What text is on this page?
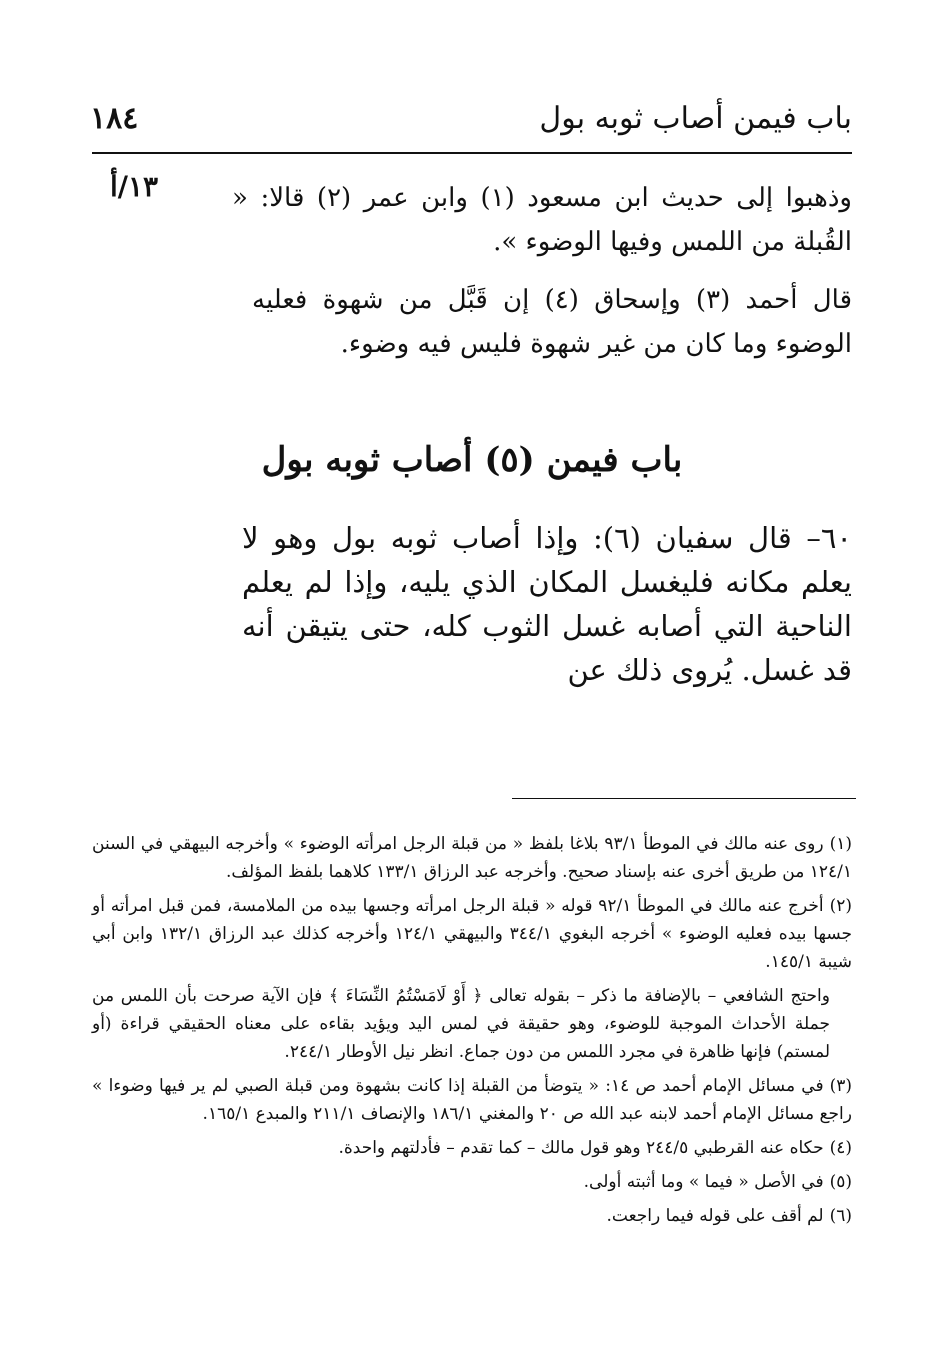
باب فيمن أصاب ثوبه بول
١٨٤
١٣/أ	وذهبوا إلى حديث ابن مسعود (١) وابن عمر (٢) قالا: « القُبلة من اللمس وفيها الوضوء ».
قال أحمد (٣) وإسحاق (٤) إن قَبَّل من شهوة فعليه الوضوء وما كان من غير شهوة فليس فيه وضوء.
باب فيمن (٥) أصاب ثوبه بول
٦٠– قال سفيان (٦): وإذا أصاب ثوبه بول وهو لا يعلم مكانه فليغسل المكان الذي يليه، وإذا لم يعلم الناحية التي أصابه غسل الثوب كله، حتى يتيقن أنه قد غسل. يُروى ذلك عن
(١)روى عنه مالك في الموطأ ٩٣/١ بلاغا بلفظ « من قبلة الرجل امرأته الوضوء » وأخرجه البيهقي في السنن ١٢٤/١ من طريق أخرى عنه بإسناد صحيح. وأخرجه عبد الرزاق ١٣٣/١ كلاهما بلفظ المؤلف.
(٢)أخرج عنه مالك في الموطأ ٩٢/١ قوله « قبلة الرجل امرأته وجسها بيده من الملامسة، فمن قبل امرأته أو جسها بيده فعليه الوضوء » أخرجه البغوي ٣٤٤/١ والبيهقي ١٢٤/١ وأخرجه كذلك عبد الرزاق ١٣٢/١ وابن أبي شيبة ١٤٥/١.
واحتج الشافعي – بالإضافة ما ذكر – بقوله تعالى ﴿ أَوْ لَامَسْتُمُ النِّسَاءَ ﴾ فإن الآية صرحت بأن اللمس من جملة الأحداث الموجبة للوضوء، وهو حقيقة في لمس اليد ويؤيد بقاءه على معناه الحقيقي قراءة (أو لمستم) فإنها ظاهرة في مجرد اللمس من دون جماع. انظر نيل الأوطار ٢٤٤/١.
(٣)في مسائل الإمام أحمد ص ١٤: « يتوضأ من القبلة إذا كانت بشهوة ومن قبلة الصبي لم ير فيها وضوءا » راجع مسائل الإمام أحمد لابنه عبد الله ص ٢٠ والمغني ١٨٦/١ والإنصاف ٢١١/١ والمبدع ١٦٥/١.
(٤)حكاه عنه القرطبي ٢٤٤/٥ وهو قول مالك – كما تقدم – فأدلتهم واحدة.
(٥)في الأصل « فيما » وما أثبته أولى.
(٦)لم أقف على قوله فيما راجعت.
